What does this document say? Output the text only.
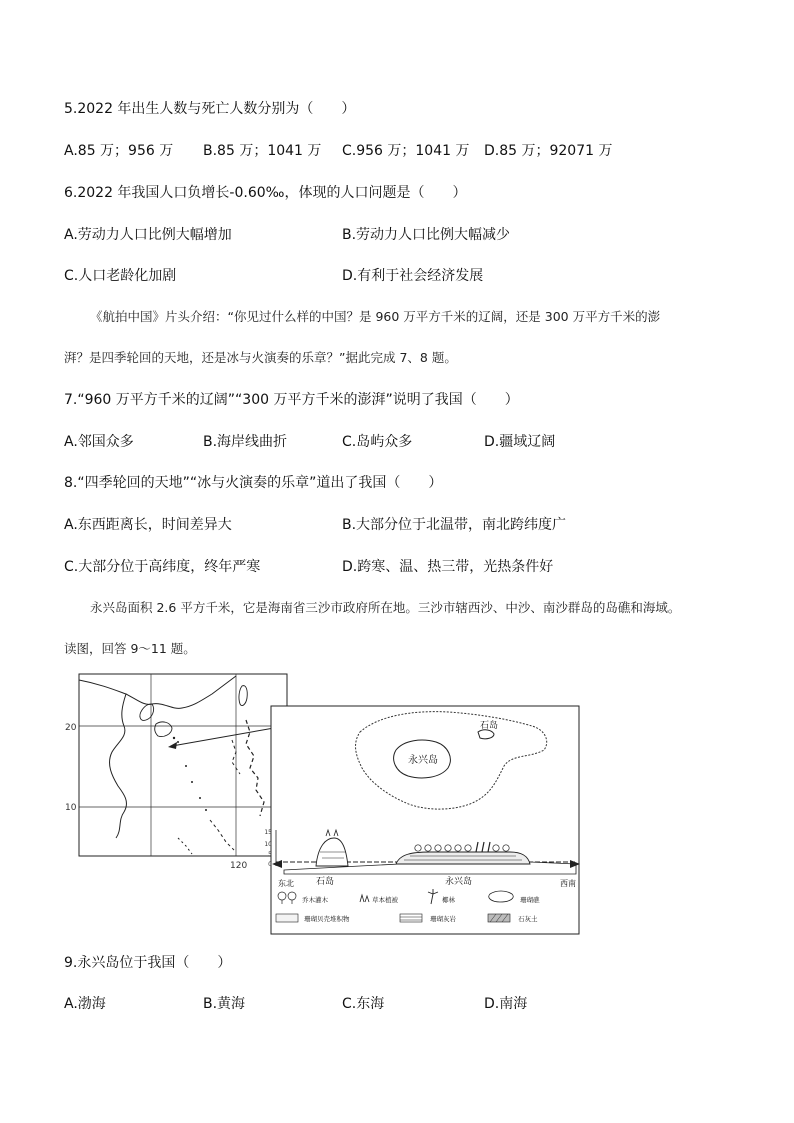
5.2022 年出生人数与死亡人数分别为（　　）
A.85 万；956 万 B.85 万；1041 万 C.956 万；1041 万 D.85 万；92071 万
6.2022 年我国人口负增长-0.60‰，体现的人口问题是（　　）
A.劳动力人口比例大幅增加	B.劳动力人口比例大幅减少
C.人口老龄化加剧	D.有利于社会经济发展
《航拍中国》片头介绍：“你见过什么样的中国？是 960 万平方千米的辽阔，还是 300 万平方千米的澎
湃？是四季轮回的天地，还是冰与火演奏的乐章？”据此完成 7、8 题。
7.“960 万平方千米的辽阔”“300 万平方千米的澎湃”说明了我国（　　）
A.邻国众多	B.海岸线曲折	C.岛屿众多	D.疆域辽阔
8.“四季轮回的天地”“冰与火演奏的乐章”道出了我国（　　）
A.东西距离长，时间差异大	B.大部分位于北温带，南北跨纬度广
C.大部分位于高纬度，终年严寒	D.跨寒、温、热三带，光热条件好
永兴岛面积 2.6 平方千米，它是海南省三沙市政府所在地。三沙市辖西沙、中沙、南沙群岛的岛礁和海域。
读图，回答 9～11 题。
20
10
120
永兴岛
石岛
15
10
5
0
东北	西南
永兴岛
石岛
乔木灌木	草本植被	椰林	珊瑚礁
珊瑚贝壳堆积物	珊瑚灰岩	石灰土
9.永兴岛位于我国（　　）
A.渤海	B.黄海	C.东海	D.南海
